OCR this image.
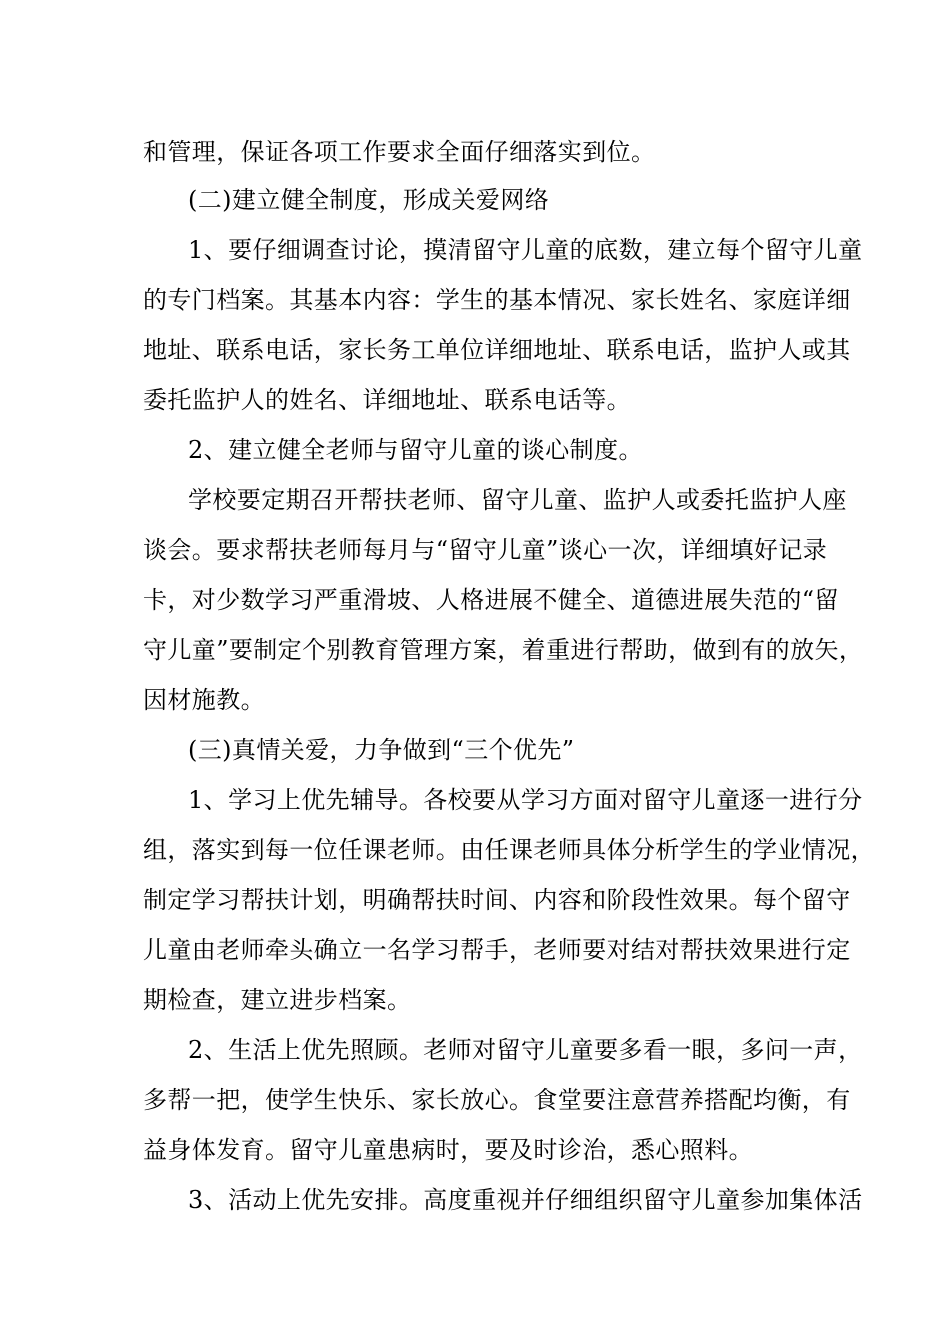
和管理，保证各项工作要求全面仔细落实到位。
(二)建立健全制度，形成关爱网络
1、要仔细调查讨论，摸清留守儿童的底数，建立每个留守儿童
的专门档案。其基本内容：学生的基本情况、家长姓名、家庭详细
地址、联系电话，家长务工单位详细地址、联系电话，监护人或其
委托监护人的姓名、详细地址、联系电话等。
2、建立健全老师与留守儿童的谈心制度。
学校要定期召开帮扶老师、留守儿童、监护人或委托监护人座
谈会。要求帮扶老师每月与“留守儿童”谈心一次，详细填好记录
卡，对少数学习严重滑坡、人格进展不健全、道德进展失范的“留
守儿童”要制定个别教育管理方案，着重进行帮助，做到有的放矢，
因材施教。
(三)真情关爱，力争做到“三个优先”
1、学习上优先辅导。各校要从学习方面对留守儿童逐一进行分
组，落实到每一位任课老师。由任课老师具体分析学生的学业情况，
制定学习帮扶计划，明确帮扶时间、内容和阶段性效果。每个留守
儿童由老师牵头确立一名学习帮手，老师要对结对帮扶效果进行定
期检查，建立进步档案。
2、生活上优先照顾。老师对留守儿童要多看一眼，多问一声，
多帮一把，使学生快乐、家长放心。食堂要注意营养搭配均衡，有
益身体发育。留守儿童患病时，要及时诊治，悉心照料。
3、活动上优先安排。高度重视并仔细组织留守儿童参加集体活
